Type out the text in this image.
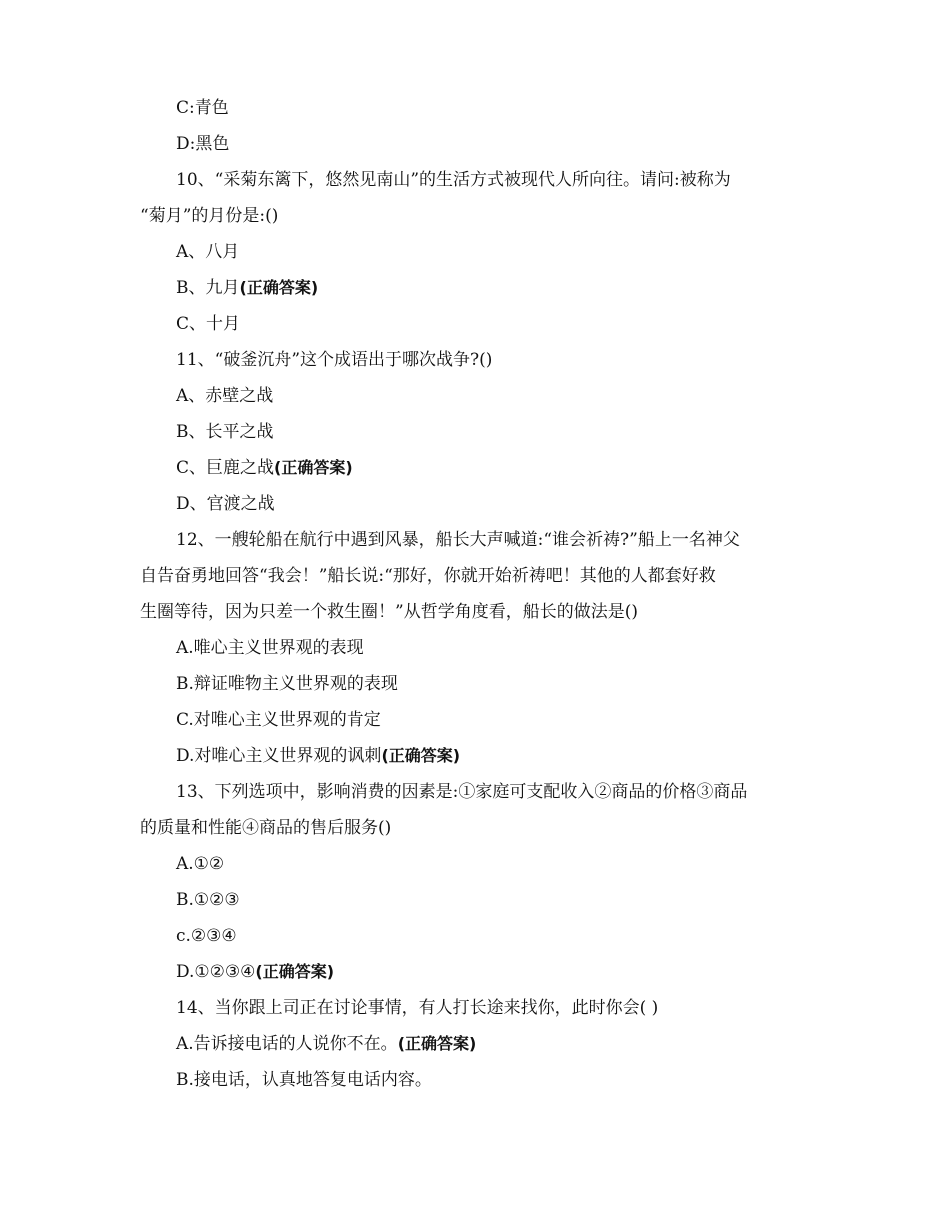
C:青色
D:黑色
10、“采菊东篱下，悠然见南山”的生活方式被现代人所向往。请问:被称为
“菊月”的月份是:()
A、八月
B、九月(正确答案)
C、十月
11、“破釜沉舟”这个成语出于哪次战争?()
A、赤壁之战
B、长平之战
C、巨鹿之战(正确答案)
D、官渡之战
12、一艘轮船在航行中遇到风暴，船长大声喊道:“谁会祈祷?”船上一名神父
自告奋勇地回答“我会！”船长说:“那好，你就开始祈祷吧！其他的人都套好救
生圈等待，因为只差一个救生圈！”从哲学角度看，船长的做法是()
A.唯心主义世界观的表现
B.辩证唯物主义世界观的表现
C.对唯心主义世界观的肯定
D.对唯心主义世界观的讽刺(正确答案)
13、下列选项中，影响消费的因素是:①家庭可支配收入②商品的价格③商品
的质量和性能④商品的售后服务()
A.①②
B.①②③
c.②③④
D.①②③④(正确答案)
14、当你跟上司正在讨论事情，有人打长途来找你，此时你会( )
A.告诉接电话的人说你不在。(正确答案)
B.接电话，认真地答复电话内容。
